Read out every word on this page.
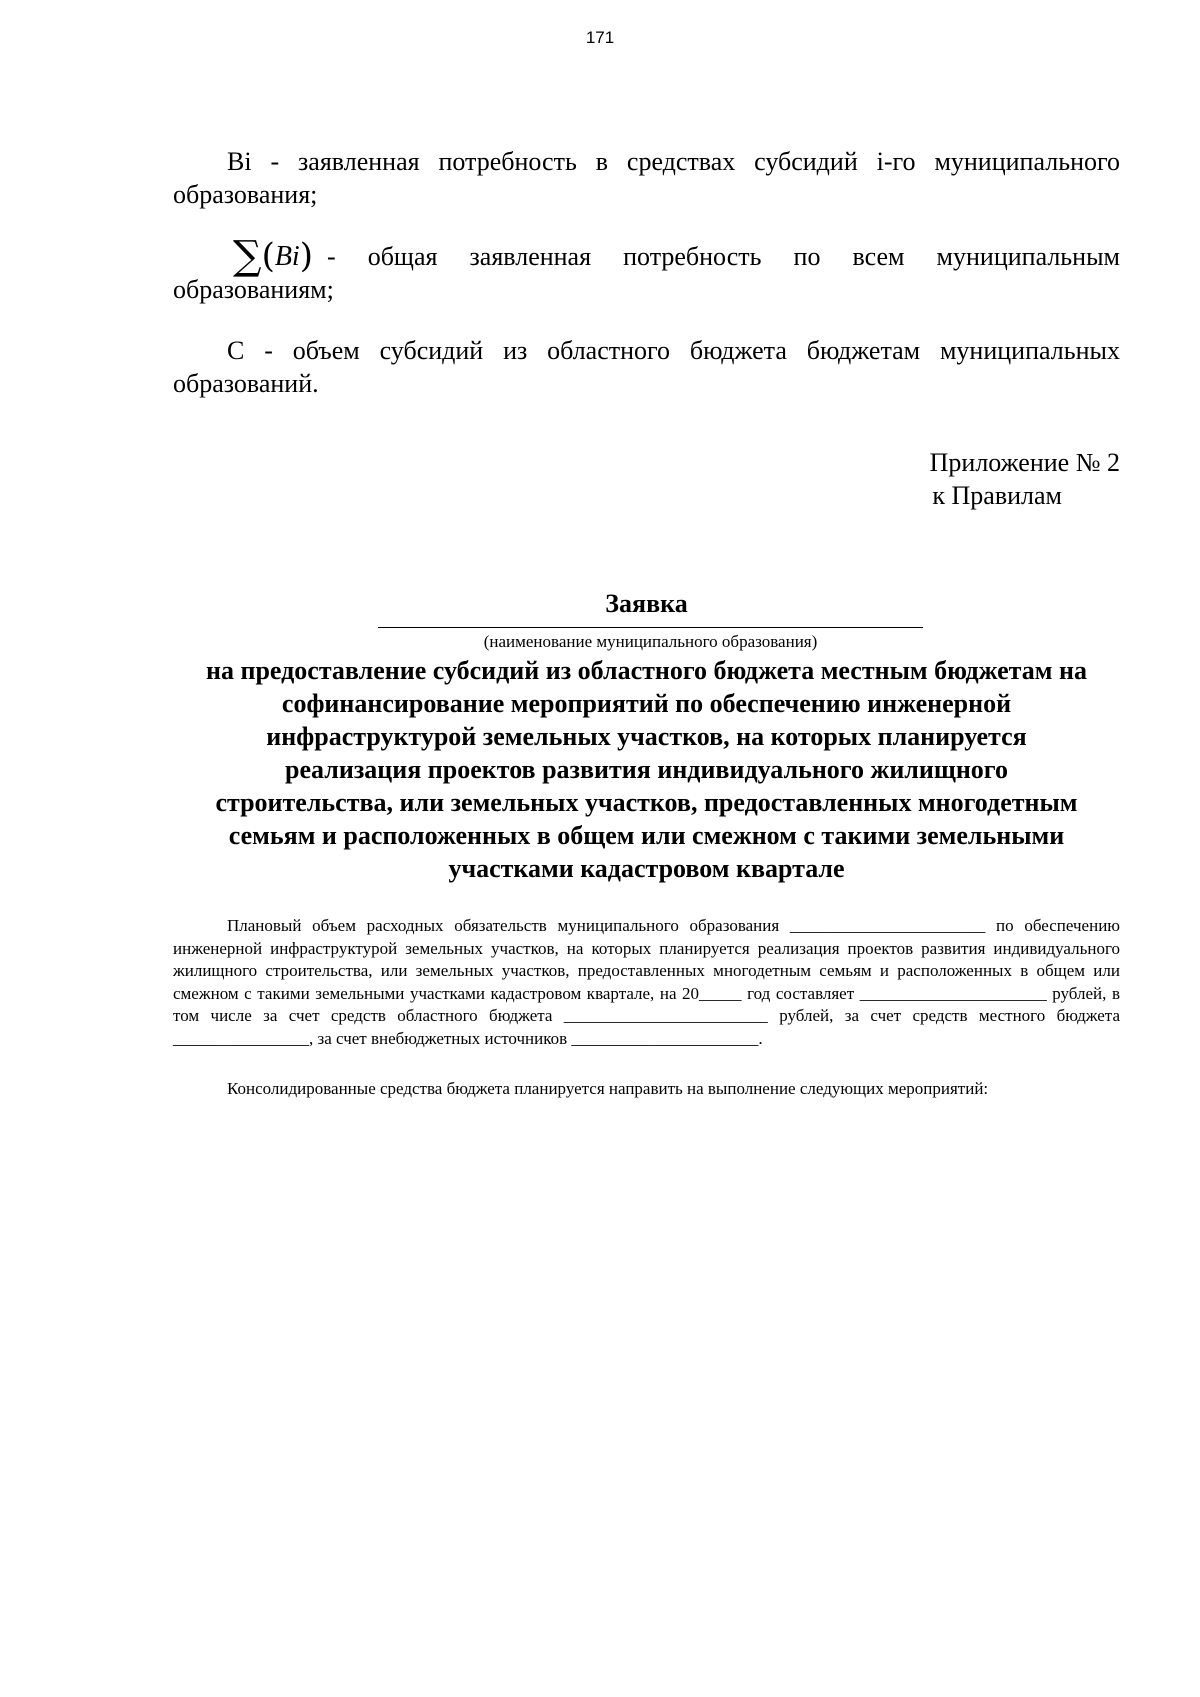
171

Bi - заявленная потребность в средствах субсидий i-го муниципального образования;

∑(Bi) - общая заявленная потребность по всем муниципальным образованиям;

С - объем субсидий из областного бюджета бюджетам муниципальных образований.

Приложение № 2
к Правилам
Заявка
(наименование муниципального образования)
на предоставление субсидий из областного бюджета местным бюджетам на софинансирование мероприятий по обеспечению инженерной инфраструктурой земельных участков, на которых планируется реализация проектов развития индивидуального жилищного строительства, или земельных участков, предоставленных многодетным семьям и расположенных в общем или смежном с такими земельными участками кадастровом квартале

Плановый объем расходных обязательств муниципального образования _______________________ по обеспечению инженерной инфраструктурой земельных участков, на которых планируется реализация проектов развития индивидуального жилищного строительства, или земельных участков, предоставленных многодетным семьям и расположенных в общем или смежном с такими земельными участками кадастровом квартале, на 20_____ год составляет ______________________ рублей, в том числе за счет средств областного бюджета ________________________ рублей, за счет средств местного бюджета ________________, за счет внебюджетных источников ______________________.

Консолидированные средства бюджета планируется направить на выполнение следующих мероприятий:
